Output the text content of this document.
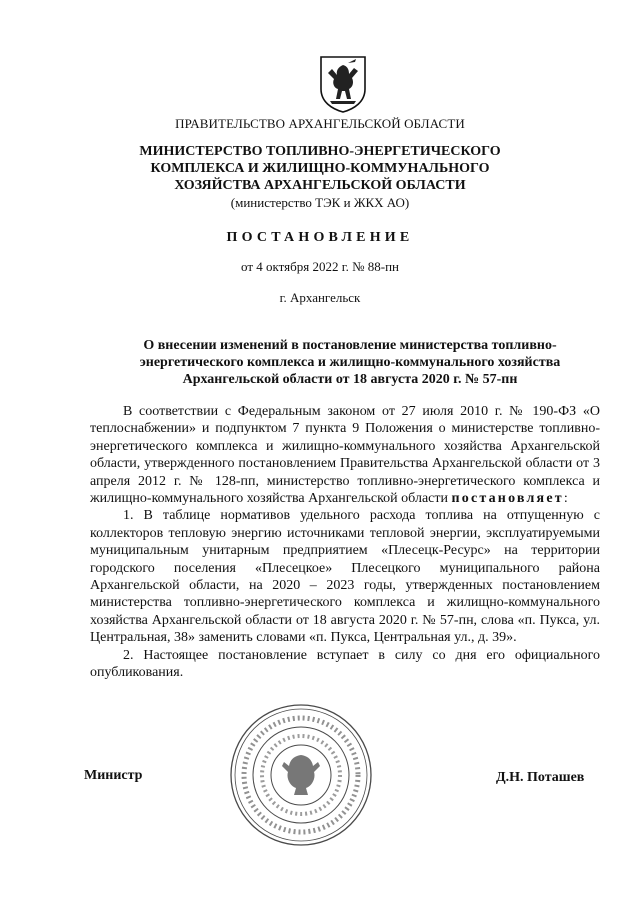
ПРАВИТЕЛЬСТВО АРХАНГЕЛЬСКОЙ ОБЛАСТИ
МИНИСТЕРСТВО ТОПЛИВНО-ЭНЕРГЕТИЧЕСКОГО
КОМПЛЕКСА И ЖИЛИЩНО-КОММУНАЛЬНОГО
ХОЗЯЙСТВА АРХАНГЕЛЬСКОЙ ОБЛАСТИ
(министерство ТЭК и ЖКХ АО)
ПОСТАНОВЛЕНИЕ
от 4 октября 2022 г. № 88-пн
г. Архангельск
О внесении изменений в постановление министерства топливно-
энергетического комплекса и жилищно-коммунального хозяйства
Архангельской области от 18 августа 2020 г. № 57-пн

В соответствии с Федеральным законом от 27 июля 2010 г. № 190-ФЗ «О теплоснабжении» и подпунктом 7 пункта 9 Положения о министерстве топливно-энергетического комплекса и жилищно-коммунального хозяйства Архангельской области, утвержденного постановлением Правительства Архангельской области от 3 апреля 2012 г. № 128-пп, министерство топливно-энергетического комплекса и жилищно-коммунального хозяйства Архангельской области постановляет:

1. В таблице нормативов удельного расхода топлива на отпущенную с коллекторов тепловую энергию источниками тепловой энергии, эксплуатируемыми муниципальным унитарным предприятием «Плесецк-Ресурс» на территории городского поселения «Плесецкое» Плесецкого муниципального района Архангельской области, на 2020 – 2023 годы, утвержденных постановлением министерства топливно-энергетического комплекса и жилищно-коммунального хозяйства Архангельской области от 18 августа 2020 г. № 57-пн, слова «п. Пукса, ул. Центральная, 38» заменить словами «п. Пукса, Центральная ул., д. 39».

2. Настоящее постановление вступает в силу со дня его официального опубликования.

Министр	Д.Н. Поташев
